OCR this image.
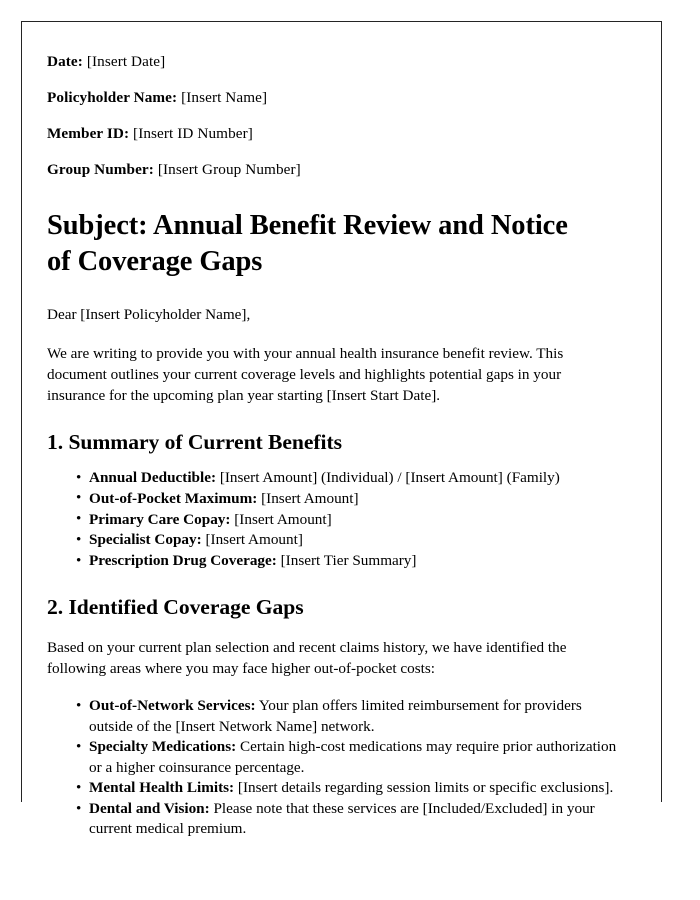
Date: [Insert Date]

Policyholder Name: [Insert Name]

Member ID: [Insert ID Number]

Group Number: [Insert Group Number]

Subject: Annual Benefit Review and Notice of Coverage Gaps

Dear [Insert Policyholder Name],

We are writing to provide you with your annual health insurance benefit review. This document outlines your current coverage levels and highlights potential gaps in your insurance for the upcoming plan year starting [Insert Start Date].

1. Summary of Current Benefits
• Annual Deductible: [Insert Amount] (Individual) / [Insert Amount] (Family)
• Out-of-Pocket Maximum: [Insert Amount]
• Primary Care Copay: [Insert Amount]
• Specialist Copay: [Insert Amount]
• Prescription Drug Coverage: [Insert Tier Summary]
2. Identified Coverage Gaps

Based on your current plan selection and recent claims history, we have identified the following areas where you may face higher out-of-pocket costs:

• Out-of-Network Services: Your plan offers limited reimbursement for providers outside of the [Insert Network Name] network.
• Specialty Medications: Certain high-cost medications may require prior authorization or a higher coinsurance percentage.
• Mental Health Limits: [Insert details regarding session limits or specific exclusions].
• Dental and Vision: Please note that these services are [Included/Excluded] in your current medical premium.
